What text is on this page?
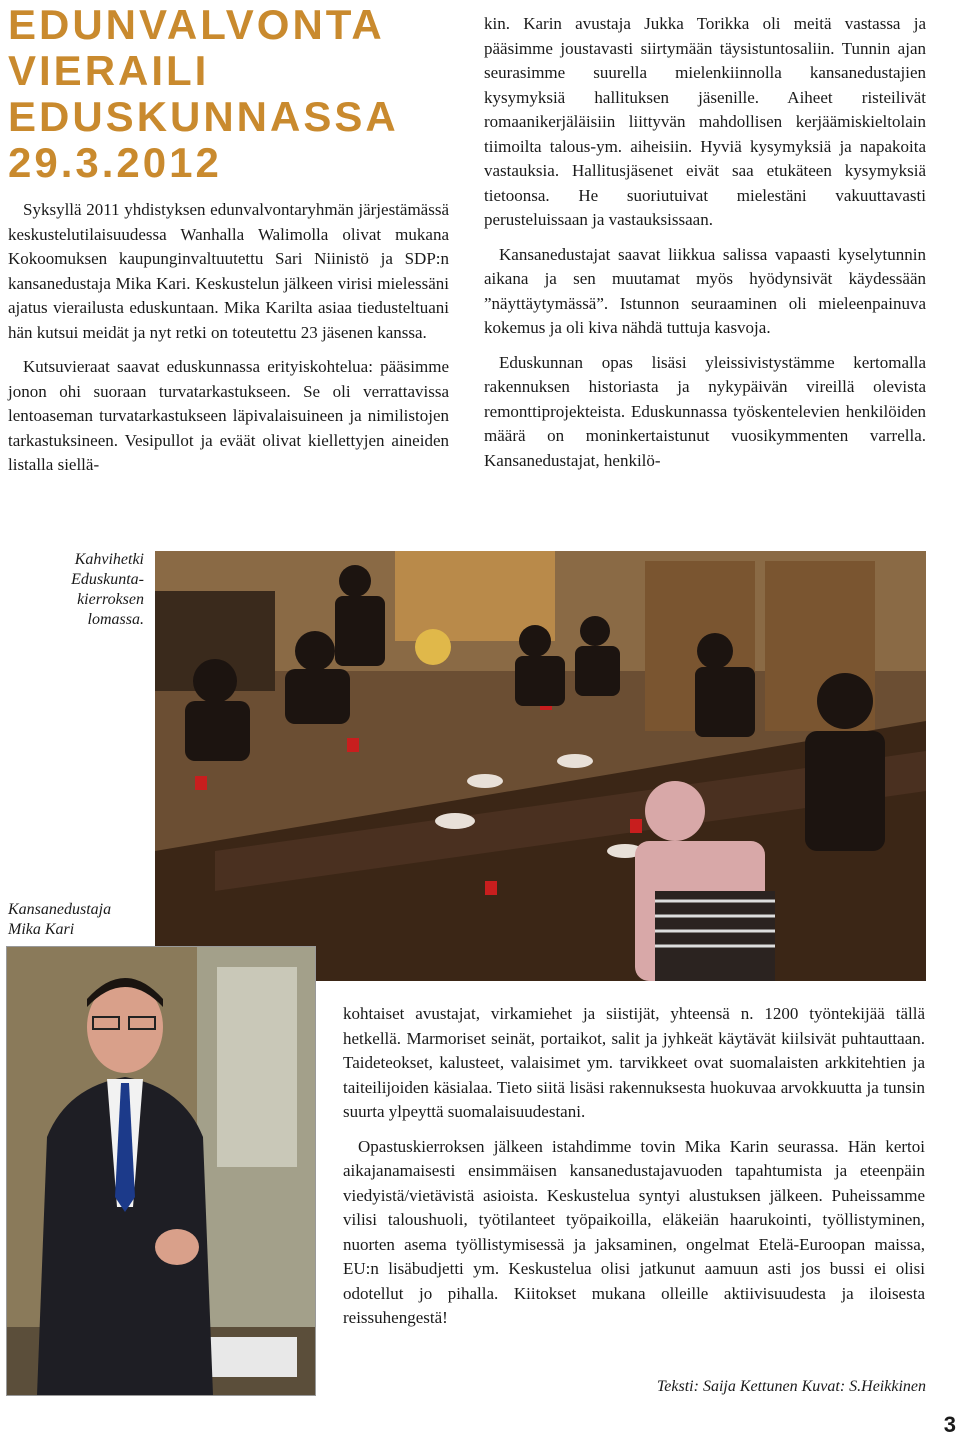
EDUNVALVONTA
VIERAILI
EDUSKUNNASSA
29.3.2012

Syksyllä 2011 yhdistyksen edunvalvontaryhmän järjestämässä keskustelutilaisuudessa Wanhalla Walimolla olivat mukana Kokoomuksen kaupunginvaltuutettu Sari Niinistö ja SDP:n kansanedustaja Mika Kari. Keskustelun jälkeen virisi mielessäni ajatus vierailusta eduskuntaan. Mika Karilta asiaa tiedusteltuani hän kutsui meidät ja nyt retki on toteutettu 23 jäsenen kanssa.

Kutsuvieraat saavat eduskunnassa erityiskohtelua: pääsimme jonon ohi suoraan turvatarkastukseen. Se oli verrattavissa lentoaseman turvatarkastukseen läpivalaisuineen ja nimilistojen tarkastuksineen. Vesipullot ja eväät olivat kiellettyjen aineiden listalla siellä-

kin. Karin avustaja Jukka Torikka oli meitä vastassa ja pääsimme joustavasti siirtymään täysistuntosaliin. Tunnin ajan seurasimme suurella mielenkiinnolla kansanedustajien kysymyksiä hallituksen jäsenille. Aiheet risteilivät romaanikerjäläisiin liittyvän mahdollisen kerjäämiskieltolain tiimoilta talous-ym. aiheisiin. Hyviä kysymyksiä ja napakoita vastauksia. Hallitusjäsenet eivät saa etukäteen kysymyksiä tietoonsa. He suoriutuivat mielestäni vakuuttavasti perusteluissaan ja vastauksissaan.

Kansanedustajat saavat liikkua salissa vapaasti kyselytunnin aikana ja sen muutamat myös hyödynsivät käydessään ”näyttäytymässä”. Istunnon seuraaminen oli mieleenpainuva kokemus ja oli kiva nähdä tuttuja kasvoja.

Eduskunnan opas lisäsi yleissivistystämme kertomalla rakennuksen historiasta ja nykypäivän vireillä olevista remonttiprojekteista. Eduskunnassa työskentelevien henkilöiden määrä on moninkertaistunut vuosikymmenten varrella. Kansanedustajat, henkilö-

Kahvihetki
Eduskunta-
kierroksen
lomassa.
Kansanedustaja
Mika Kari

kohtaiset avustajat, virkamiehet ja siistijät, yhteensä n. 1200 työntekijää tällä hetkellä. Marmoriset seinät, portaikot, salit ja jyhkeät käytävät kiilsivät puhtauttaan. Taideteokset, kalusteet, valaisimet ym. tarvikkeet ovat suomalaisten arkkitehtien ja taiteilijoiden käsialaa. Tieto siitä lisäsi rakennuksesta huokuvaa arvokkuutta ja tunsin suurta ylpeyttä suomalaisuudestani.

Opastuskierroksen jälkeen istahdimme tovin Mika Karin seurassa. Hän kertoi aikajanamaisesti ensimmäisen kansanedustajavuoden tapahtumista ja eteenpäin viedyistä/vietävistä asioista. Keskustelua syntyi alustuksen jälkeen. Puheissamme vilisi taloushuoli, työtilanteet työpaikoilla, eläkeiän haarukointi, työllistyminen, nuorten asema työllistymisessä ja jaksaminen, ongelmat Etelä-Euroopan maissa, EU:n lisäbudjetti ym. Keskustelua olisi jatkunut aamuun asti jos bussi ei olisi odotellut jo pihalla. Kiitokset mukana olleille aktiivisuudesta ja iloisesta reissuhengestä!

Teksti: Saija Kettunen Kuvat: S.Heikkinen
3
